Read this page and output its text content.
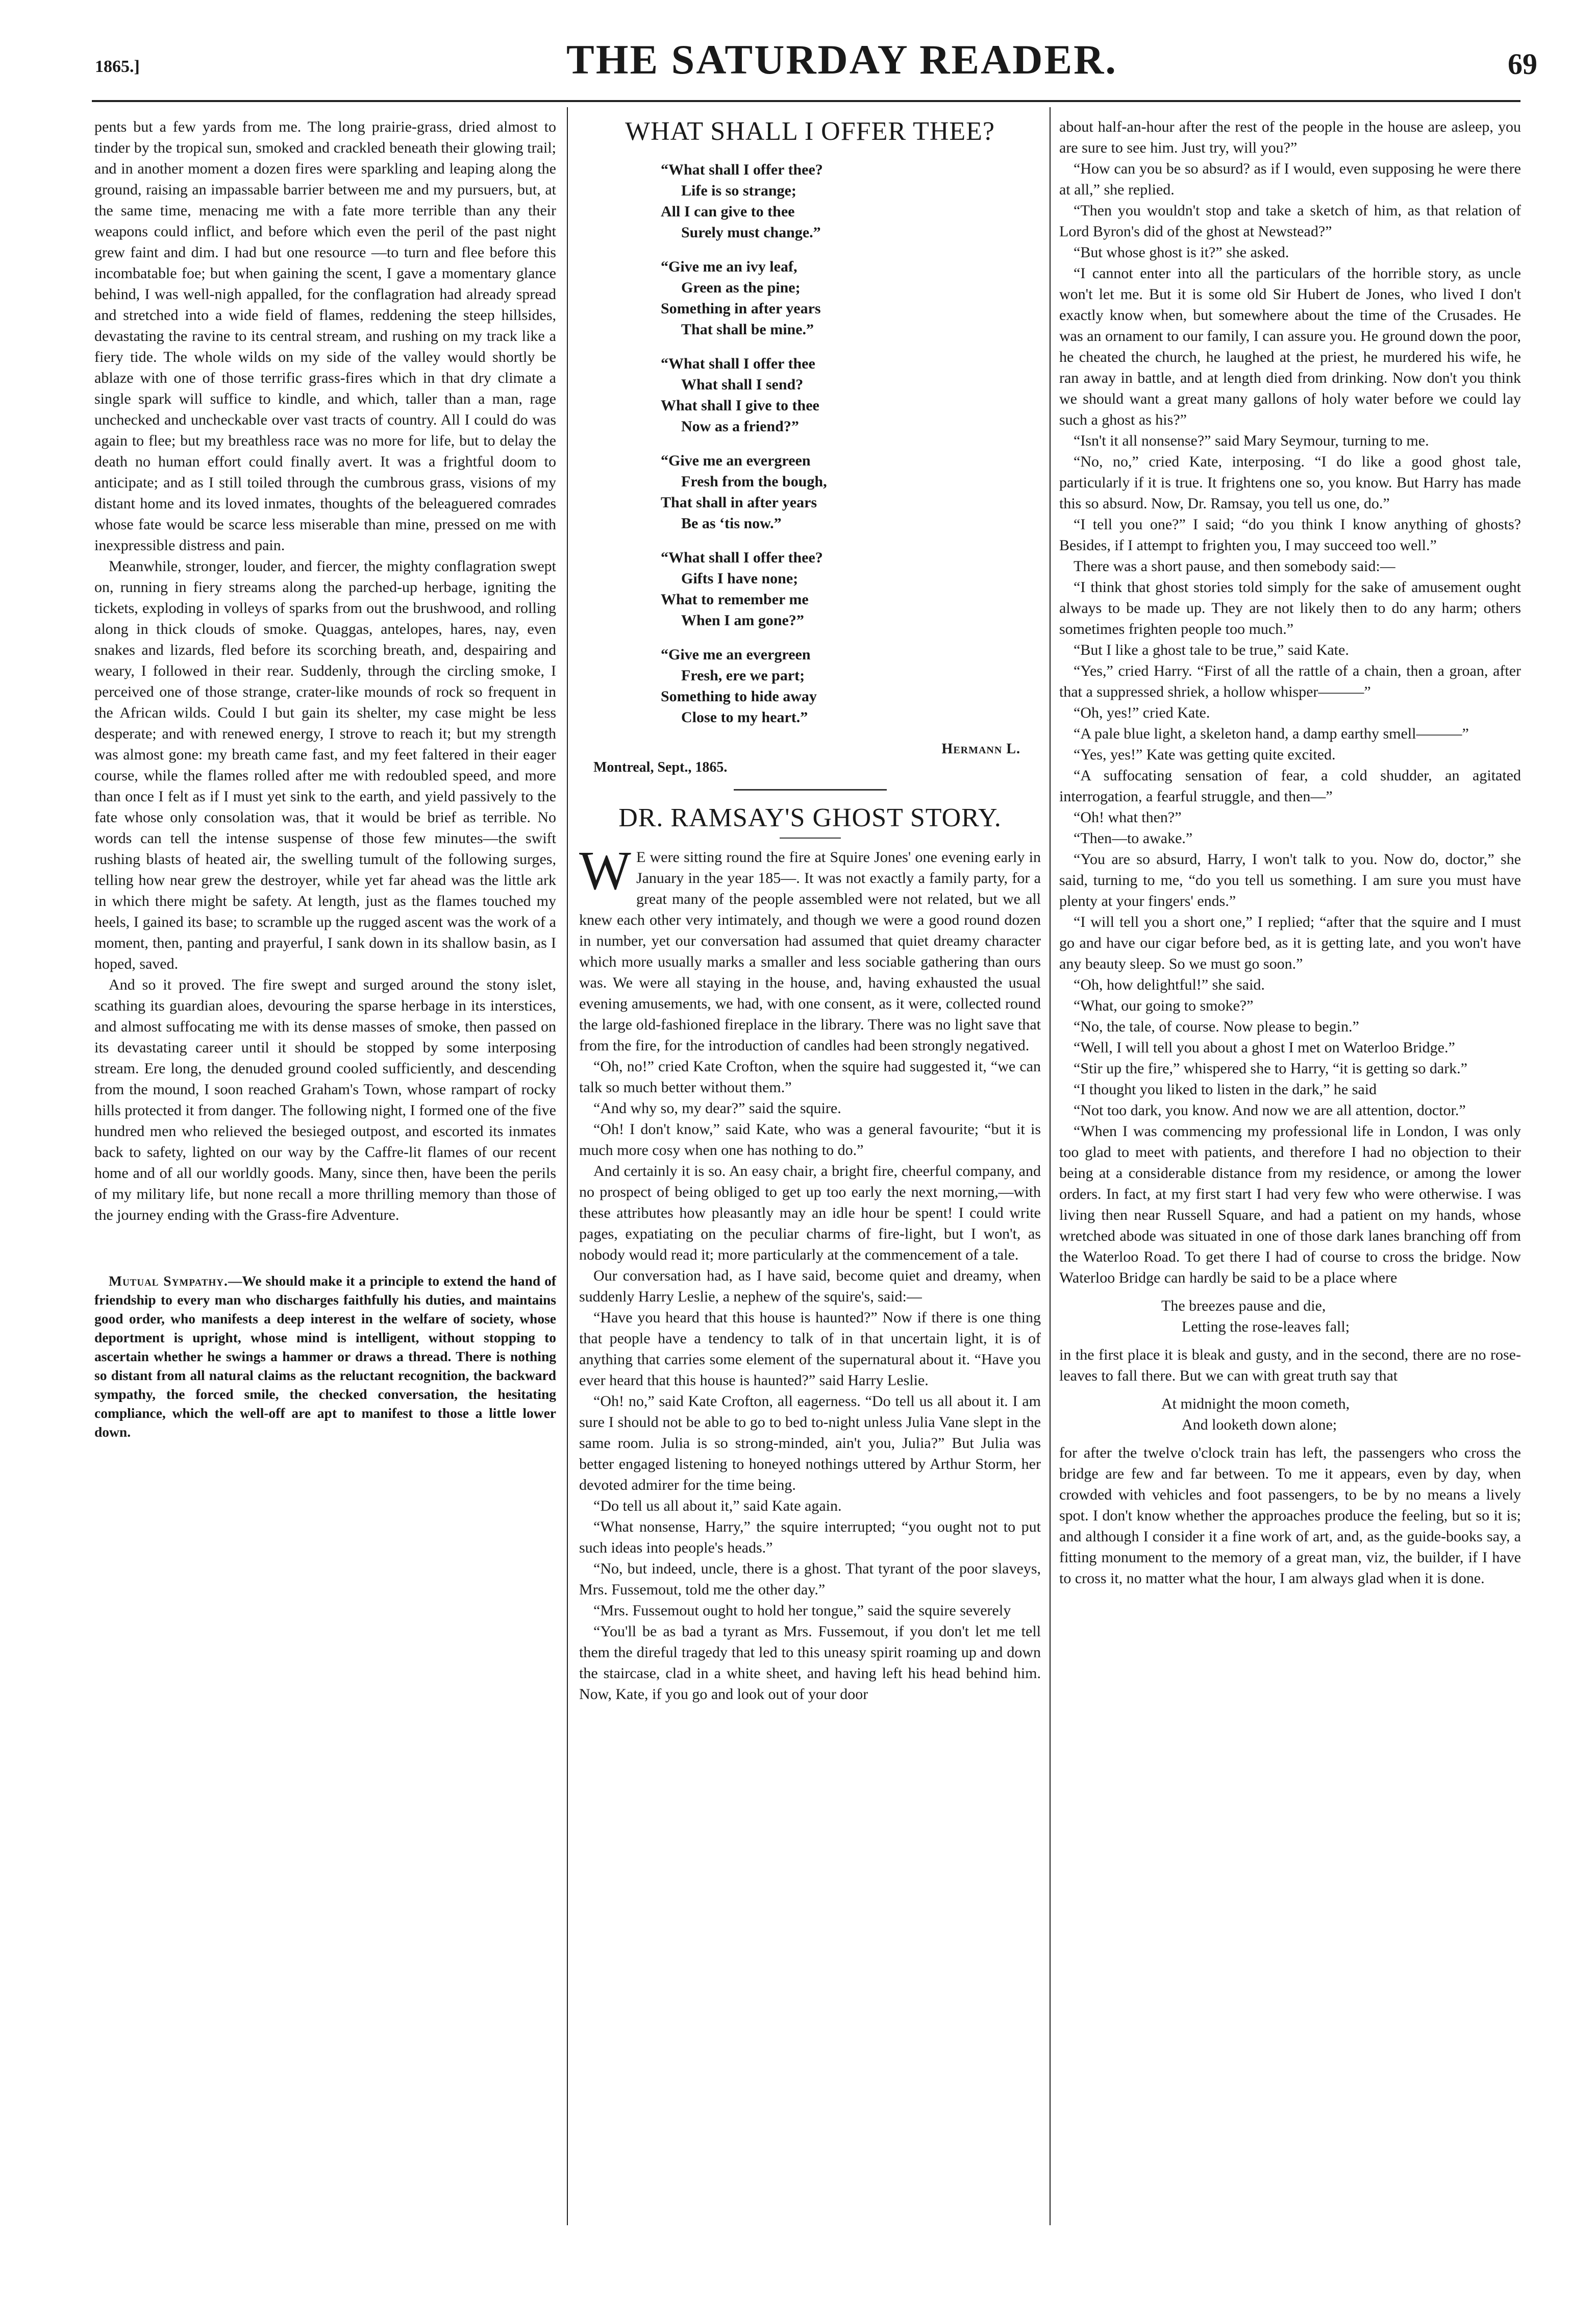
1865.]	THE SATURDAY READER.	69

pents but a few yards from me. The long prairie-grass, dried almost to tinder by the tropical sun, smoked and crackled beneath their glowing trail; and in another moment a dozen fires were sparkling and leaping along the ground, raising an impassable barrier between me and my pursuers, but, at the same time, menacing me with a fate more terrible than any their weapons could inflict, and before which even the peril of the past night grew faint and dim. I had but one resource —to turn and flee before this incombatable foe; but when gaining the scent, I gave a momentary glance behind, I was well-nigh appalled, for the conflagration had already spread and stretched into a wide field of flames, reddening the steep hillsides, devastating the ravine to its central stream, and rushing on my track like a fiery tide. The whole wilds on my side of the valley would shortly be ablaze with one of those terrific grass-fires which in that dry climate a single spark will suffice to kindle, and which, taller than a man, rage unchecked and uncheckable over vast tracts of country. All I could do was again to flee; but my breathless race was no more for life, but to delay the death no human effort could finally avert. It was a frightful doom to anticipate; and as I still toiled through the cumbrous grass, visions of my distant home and its loved inmates, thoughts of the beleaguered comrades whose fate would be scarce less miserable than mine, pressed on me with inexpressible distress and pain.

Meanwhile, stronger, louder, and fiercer, the mighty conflagration swept on, running in fiery streams along the parched-up herbage, igniting the tickets, exploding in volleys of sparks from out the brushwood, and rolling along in thick clouds of smoke. Quaggas, antelopes, hares, nay, even snakes and lizards, fled before its scorching breath, and, despairing and weary, I followed in their rear. Suddenly, through the circling smoke, I perceived one of those strange, crater-like mounds of rock so frequent in the African wilds. Could I but gain its shelter, my case might be less desperate; and with renewed energy, I strove to reach it; but my strength was almost gone: my breath came fast, and my feet faltered in their eager course, while the flames rolled after me with redoubled speed, and more than once I felt as if I must yet sink to the earth, and yield passively to the fate whose only consolation was, that it would be brief as terrible. No words can tell the intense suspense of those few minutes—the swift rushing blasts of heated air, the swelling tumult of the following surges, telling how near grew the destroyer, while yet far ahead was the little ark in which there might be safety. At length, just as the flames touched my heels, I gained its base; to scramble up the rugged ascent was the work of a moment, then, panting and prayerful, I sank down in its shallow basin, as I hoped, saved.

And so it proved. The fire swept and surged around the stony islet, scathing its guardian aloes, devouring the sparse herbage in its interstices, and almost suffocating me with its dense masses of smoke, then passed on its devastating career until it should be stopped by some interposing stream. Ere long, the denuded ground cooled sufficiently, and descending from the mound, I soon reached Graham's Town, whose rampart of rocky hills protected it from danger. The following night, I formed one of the five hundred men who relieved the besieged outpost, and escorted its inmates back to safety, lighted on our way by the Caffre-lit flames of our recent home and of all our worldly goods. Many, since then, have been the perils of my military life, but none recall a more thrilling memory than those of the journey ending with the Grass-fire Adventure.

Mutual Sympathy.—We should make it a principle to extend the hand of friendship to every man who discharges faithfully his duties, and maintains good order, who manifests a deep interest in the welfare of society, whose deportment is upright, whose mind is intelligent, without stopping to ascertain whether he swings a hammer or draws a thread. There is nothing so distant from all natural claims as the reluctant recognition, the backward sympathy, the forced smile, the checked conversation, the hesitating compliance, which the well-off are apt to manifest to those a little lower down.

WHAT SHALL I OFFER THEE?
“What shall I offer thee?
Life is so strange;
All I can give to thee
Surely must change.”
“Give me an ivy leaf,
Green as the pine;
Something in after years
That shall be mine.”
“What shall I offer thee
What shall I send?
What shall I give to thee
Now as a friend?”
“Give me an evergreen
Fresh from the bough,
That shall in after years
Be as ‘tis now.”
“What shall I offer thee?
Gifts I have none;
What to remember me
When I am gone?”
“Give me an evergreen
Fresh, ere we part;
Something to hide away
Close to my heart.”
Hermann L.
Montreal, Sept., 1865.
DR. RAMSAY'S GHOST STORY.

W E were sitting round the fire at Squire Jones' one evening early in January in the year 185—. It was not exactly a family party, for a great many of the people assembled were not related, but we all knew each other very intimately, and though we were a good round dozen in number, yet our conversation had assumed that quiet dreamy character which more usually marks a smaller and less sociable gathering than ours was. We were all staying in the house, and, having exhausted the usual evening amusements, we had, with one consent, as it were, collected round the large old-fashioned fireplace in the library. There was no light save that from the fire, for the introduction of candles had been strongly negatived.

“Oh, no!” cried Kate Crofton, when the squire had suggested it, “we can talk so much better without them.”

“And why so, my dear?” said the squire.

“Oh! I don't know,” said Kate, who was a general favourite; “but it is much more cosy when one has nothing to do.”

And certainly it is so. An easy chair, a bright fire, cheerful company, and no prospect of being obliged to get up too early the next morning,—with these attributes how pleasantly may an idle hour be spent! I could write pages, expatiating on the peculiar charms of fire-light, but I won't, as nobody would read it; more particularly at the commencement of a tale.

Our conversation had, as I have said, become quiet and dreamy, when suddenly Harry Leslie, a nephew of the squire's, said:—

“Have you heard that this house is haunted?” Now if there is one thing that people have a tendency to talk of in that uncertain light, it is of anything that carries some element of the supernatural about it. “Have you ever heard that this house is haunted?” said Harry Leslie.

“Oh! no,” said Kate Crofton, all eagerness. “Do tell us all about it. I am sure I should not be able to go to bed to-night unless Julia Vane slept in the same room. Julia is so strong-minded, ain't you, Julia?” But Julia was better engaged listening to honeyed nothings uttered by Arthur Storm, her devoted admirer for the time being.

“Do tell us all about it,” said Kate again.

“What nonsense, Harry,” the squire interrupted; “you ought not to put such ideas into people's heads.”

“No, but indeed, uncle, there is a ghost. That tyrant of the poor slaveys, Mrs. Fussemout, told me the other day.”

“Mrs. Fussemout ought to hold her tongue,” said the squire severely

“You'll be as bad a tyrant as Mrs. Fussemout, if you don't let me tell them the direful tragedy that led to this uneasy spirit roaming up and down the staircase, clad in a white sheet, and having left his head behind him. Now, Kate, if you go and look out of your door

about half-an-hour after the rest of the people in the house are asleep, you are sure to see him. Just try, will you?”

“How can you be so absurd? as if I would, even supposing he were there at all,” she replied.

“Then you wouldn't stop and take a sketch of him, as that relation of Lord Byron's did of the ghost at Newstead?”

“But whose ghost is it?” she asked.

“I cannot enter into all the particulars of the horrible story, as uncle won't let me. But it is some old Sir Hubert de Jones, who lived I don't exactly know when, but somewhere about the time of the Crusades. He was an ornament to our family, I can assure you. He ground down the poor, he cheated the church, he laughed at the priest, he murdered his wife, he ran away in battle, and at length died from drinking. Now don't you think we should want a great many gallons of holy water before we could lay such a ghost as his?”

“Isn't it all nonsense?” said Mary Seymour, turning to me.

“No, no,” cried Kate, interposing. “I do like a good ghost tale, particularly if it is true. It frightens one so, you know. But Harry has made this so absurd. Now, Dr. Ramsay, you tell us one, do.”

“I tell you one?” I said; “do you think I know anything of ghosts? Besides, if I attempt to frighten you, I may succeed too well.”

There was a short pause, and then somebody said:—

“I think that ghost stories told simply for the sake of amusement ought always to be made up. They are not likely then to do any harm; others sometimes frighten people too much.”

“But I like a ghost tale to be true,” said Kate.

“Yes,” cried Harry. “First of all the rattle of a chain, then a groan, after that a suppressed shriek, a hollow whisper———”

“Oh, yes!” cried Kate.

“A pale blue light, a skeleton hand, a damp earthy smell———”

“Yes, yes!” Kate was getting quite excited.

“A suffocating sensation of fear, a cold shudder, an agitated interrogation, a fearful struggle, and then—”

“Oh! what then?”

“Then—to awake.”

“You are so absurd, Harry, I won't talk to you. Now do, doctor,” she said, turning to me, “do you tell us something. I am sure you must have plenty at your fingers' ends.”

“I will tell you a short one,” I replied; “after that the squire and I must go and have our cigar before bed, as it is getting late, and you won't have any beauty sleep. So we must go soon.”

“Oh, how delightful!” she said.

“What, our going to smoke?”

“No, the tale, of course. Now please to begin.”

“Well, I will tell you about a ghost I met on Waterloo Bridge.”

“Stir up the fire,” whispered she to Harry, “it is getting so dark.”

“I thought you liked to listen in the dark,” he said

“Not too dark, you know. And now we are all attention, doctor.”

“When I was commencing my professional life in London, I was only too glad to meet with patients, and therefore I had no objection to their being at a considerable distance from my residence, or among the lower orders. In fact, at my first start I had very few who were otherwise. I was living then near Russell Square, and had a patient on my hands, whose wretched abode was situated in one of those dark lanes branching off from the Waterloo Road. To get there I had of course to cross the bridge. Now Waterloo Bridge can hardly be said to be a place where

The breezes pause and die,
Letting the rose-leaves fall;

in the first place it is bleak and gusty, and in the second, there are no rose-leaves to fall there. But we can with great truth say that

At midnight the moon cometh,
And looketh down alone;

for after the twelve o'clock train has left, the passengers who cross the bridge are few and far between. To me it appears, even by day, when crowded with vehicles and foot passengers, to be by no means a lively spot. I don't know whether the approaches produce the feeling, but so it is; and although I consider it a fine work of art, and, as the guide-books say, a fitting monument to the memory of a great man, viz, the builder, if I have to cross it, no matter what the hour, I am always glad when it is done.
